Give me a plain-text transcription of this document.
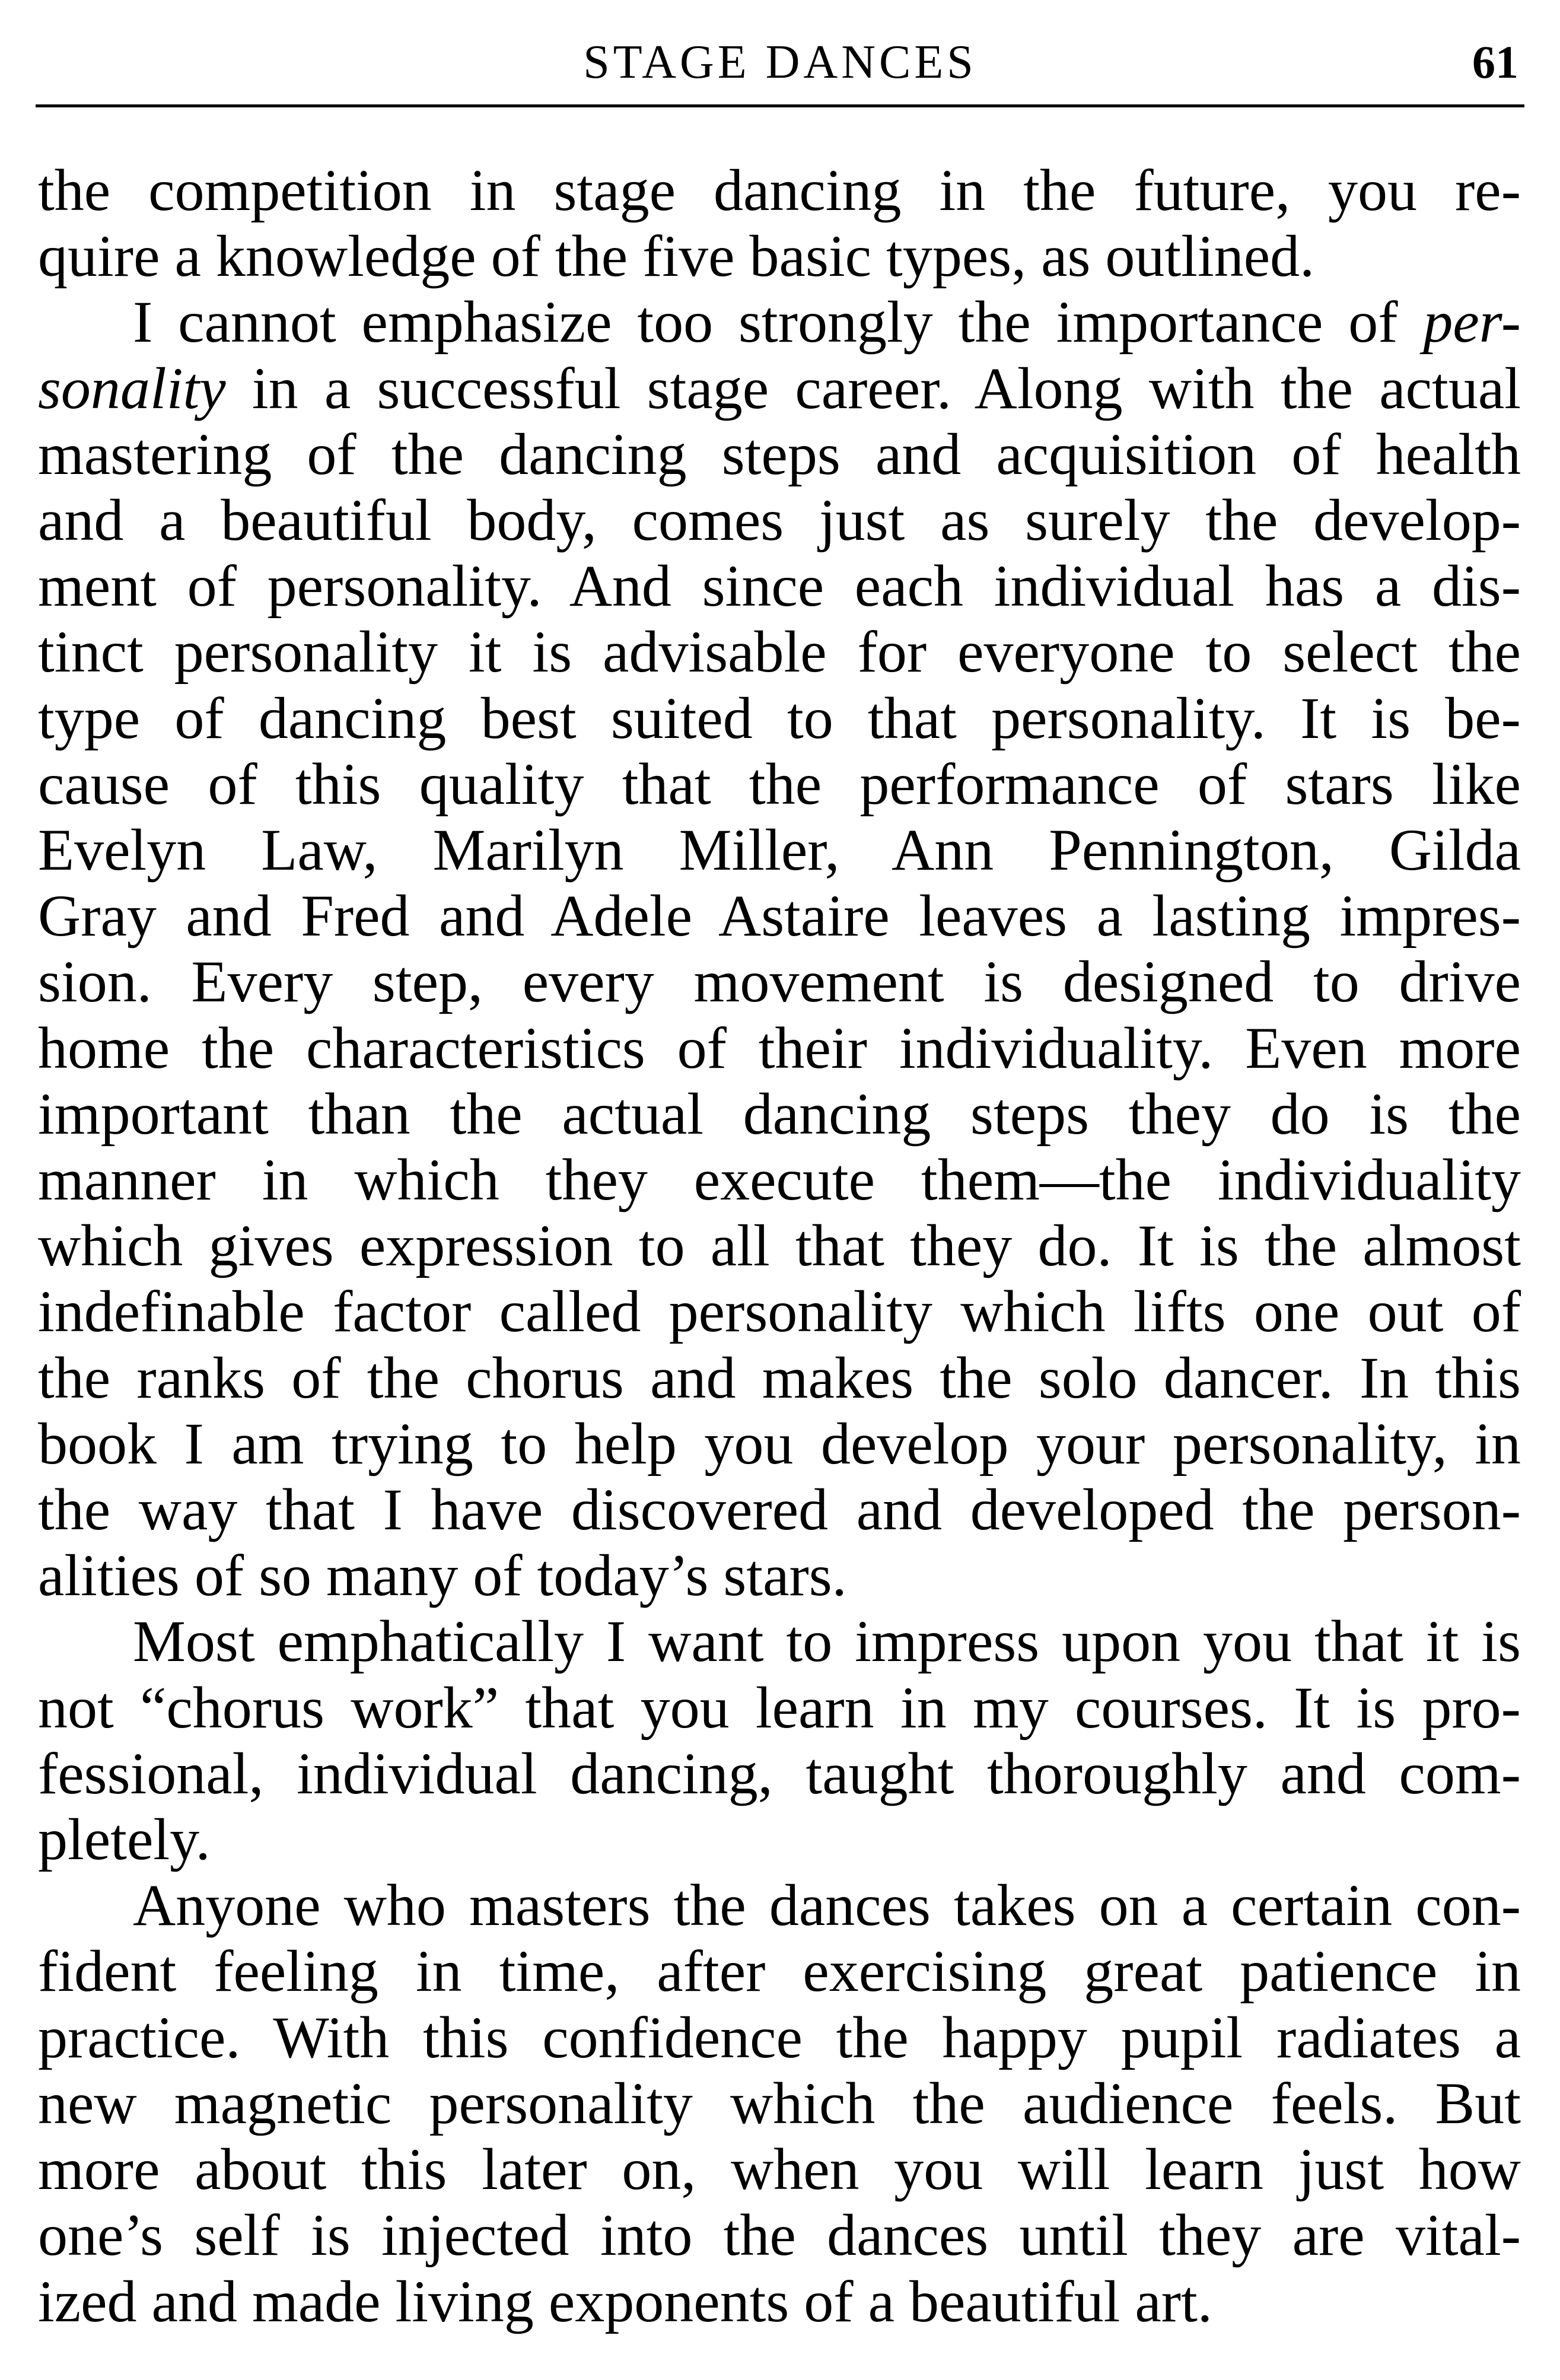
STAGE DANCES	61

the competition in stage dancing in the future, you re-
quire a knowledge of the five basic types, as outlined.

I cannot emphasize too strongly the importance of per-
sonality in a successful stage career. Along with the actual
mastering of the dancing steps and acquisition of health
and a beautiful body, comes just as surely the develop-
ment of personality. And since each individual has a dis-
tinct personality it is advisable for everyone to select the
type of dancing best suited to that personality. It is be-
cause of this quality that the performance of stars like
Evelyn Law, Marilyn Miller, Ann Pennington, Gilda
Gray and Fred and Adele Astaire leaves a lasting impres-
sion. Every step, every movement is designed to drive
home the characteristics of their individuality. Even more
important than the actual dancing steps they do is the
manner in which they execute them—the individuality
which gives expression to all that they do. It is the almost
indefinable factor called personality which lifts one out of
the ranks of the chorus and makes the solo dancer. In this
book I am trying to help you develop your personality, in
the way that I have discovered and developed the person-
alities of so many of today’s stars.

Most emphatically I want to impress upon you that it is
not “chorus work” that you learn in my courses. It is pro-
fessional, individual dancing, taught thoroughly and com-
pletely.

Anyone who masters the dances takes on a certain con-
fident feeling in time, after exercising great patience in
practice. With this confidence the happy pupil radiates a
new magnetic personality which the audience feels. But
more about this later on, when you will learn just how
one’s self is injected into the dances until they are vital-
ized and made living exponents of a beautiful art.
